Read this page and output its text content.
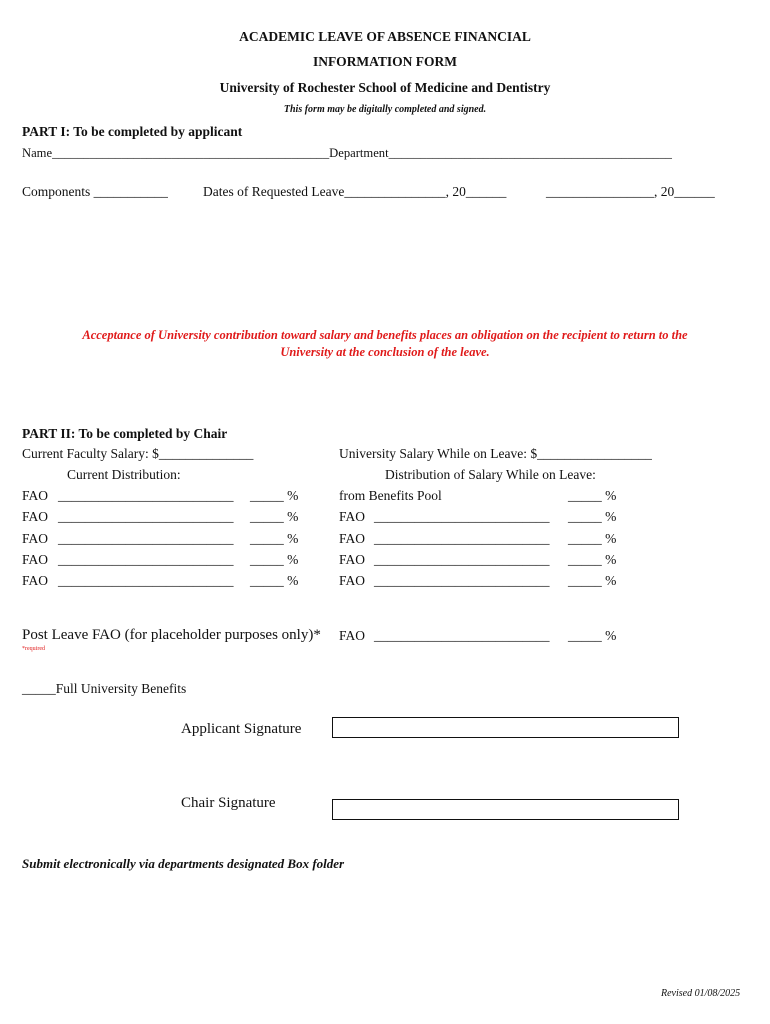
ACADEMIC LEAVE OF ABSENCE FINANCIAL
INFORMATION FORM
University of Rochester School of Medicine and Dentistry
This form may be digitally completed and signed.
PART I: To be completed by applicant
Name____________________________________________Department_____________________________________________
Components ___________	Dates of Requested Leave_______________, 20______	________________, 20______
Acceptance of University contribution toward salary and benefits places an obligation on the recipient to return to the
University at the conclusion of the leave.
PART II: To be completed by Chair
Current Faculty Salary: $______________	University Salary While on Leave: $_________________
Current Distribution:	Distribution of Salary While on Leave:
FAO __________________________ _____ %
FAO __________________________ _____ %
FAO __________________________ _____ %
FAO __________________________ _____ %
FAO __________________________ _____ %
from Benefits Pool	_____ %
FAO __________________________ _____ %
FAO __________________________ _____ %
FAO __________________________ _____ %
FAO __________________________ _____ %
Post Leave FAO (for placeholder purposes only)* FAO __________________________ _____ %
*required
_____Full University Benefits
Applicant Signature
Chair Signature
Submit electronically via departments designated Box folder
Revised 01/08/2025
